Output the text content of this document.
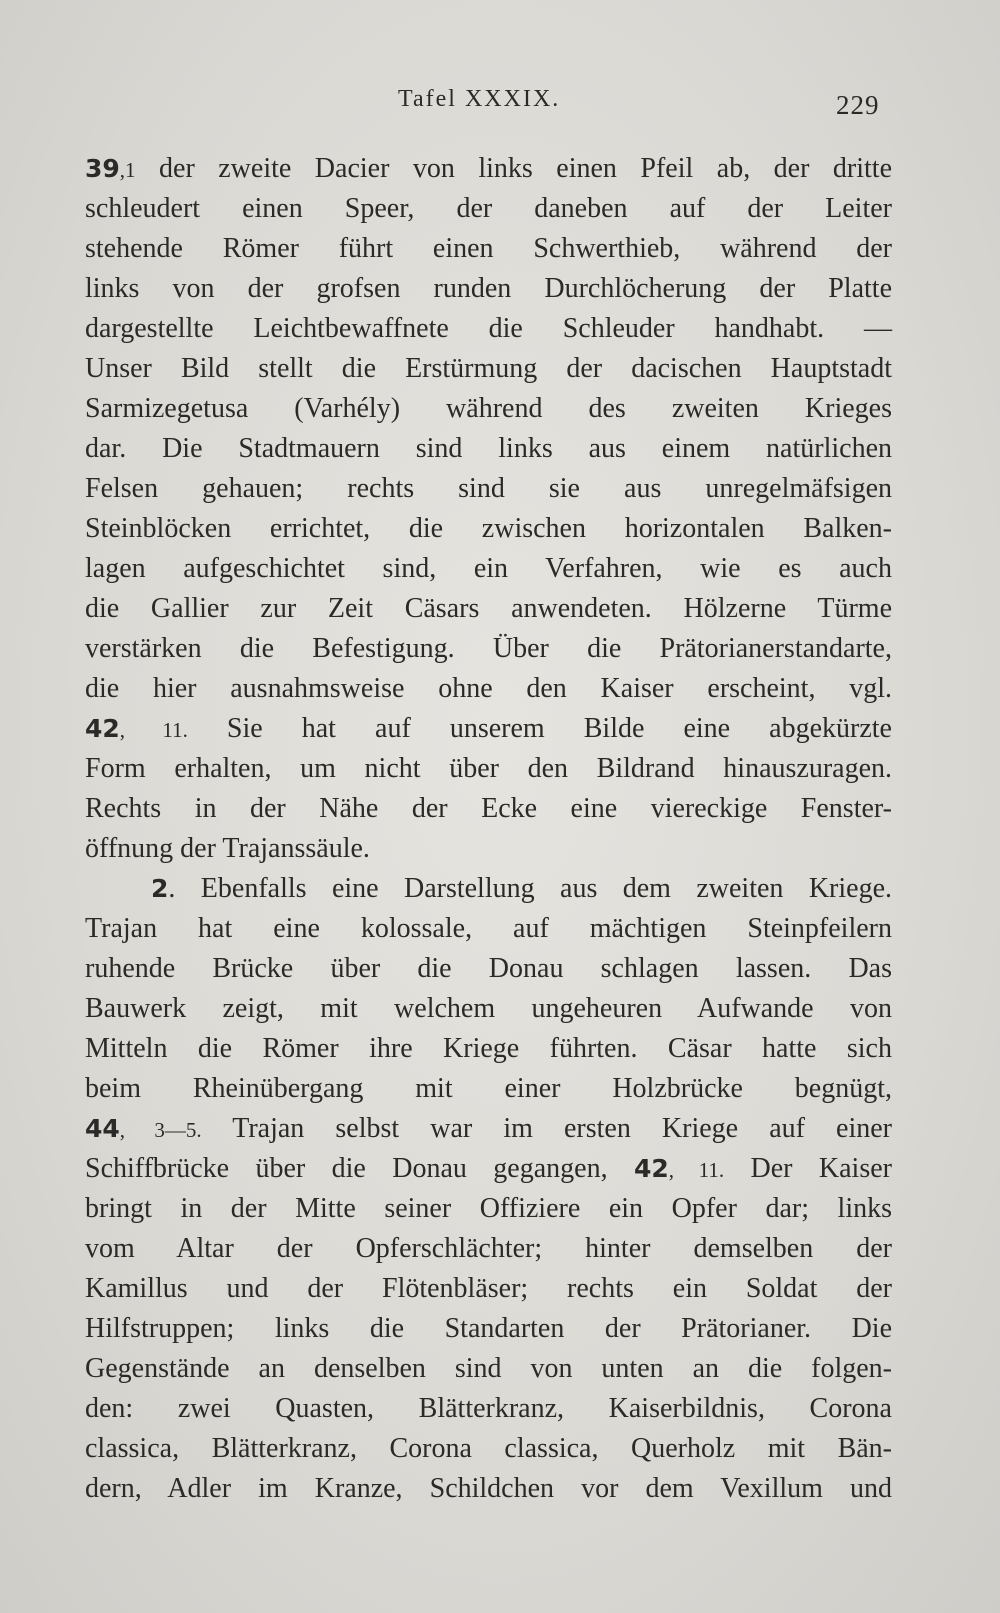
Tafel XXXIX.	229
39,1 der zweite Dacier von links einen Pfeil ab, der dritte
schleudert einen Speer, der daneben auf der Leiter
stehende Römer führt einen Schwerthieb, während der
links von der grofsen runden Durchlöcherung der Platte
dargestellte Leichtbewaffnete die Schleuder handhabt. —
Unser Bild stellt die Erstürmung der dacischen Hauptstadt
Sarmizegetusa (Varhély) während des zweiten Krieges
dar. Die Stadtmauern sind links aus einem natürlichen
Felsen gehauen; rechts sind sie aus unregelmäfsigen
Steinblöcken errichtet, die zwischen horizontalen Balken-
lagen aufgeschichtet sind, ein Verfahren, wie es auch
die Gallier zur Zeit Cäsars anwendeten. Hölzerne Türme
verstärken die Befestigung. Über die Prätorianerstandarte,
die hier ausnahmsweise ohne den Kaiser erscheint, vgl.
42, 11. Sie hat auf unserem Bilde eine abgekürzte
Form erhalten, um nicht über den Bildrand hinauszuragen.
Rechts in der Nähe der Ecke eine viereckige Fenster-
öffnung der Trajanssäule.
2. Ebenfalls eine Darstellung aus dem zweiten Kriege.
Trajan hat eine kolossale, auf mächtigen Steinpfeilern
ruhende Brücke über die Donau schlagen lassen. Das
Bauwerk zeigt, mit welchem ungeheuren Aufwande von
Mitteln die Römer ihre Kriege führten. Cäsar hatte sich
beim Rheinübergang mit einer Holzbrücke begnügt,
44, 3—5. Trajan selbst war im ersten Kriege auf einer
Schiffbrücke über die Donau gegangen, 42, 11. Der Kaiser
bringt in der Mitte seiner Offiziere ein Opfer dar; links
vom Altar der Opferschlächter; hinter demselben der
Kamillus und der Flötenbläser; rechts ein Soldat der
Hilfstruppen; links die Standarten der Prätorianer. Die
Gegenstände an denselben sind von unten an die folgen-
den: zwei Quasten, Blätterkranz, Kaiserbildnis, Corona
classica, Blätterkranz, Corona classica, Querholz mit Bän-
dern, Adler im Kranze, Schildchen vor dem Vexillum und
